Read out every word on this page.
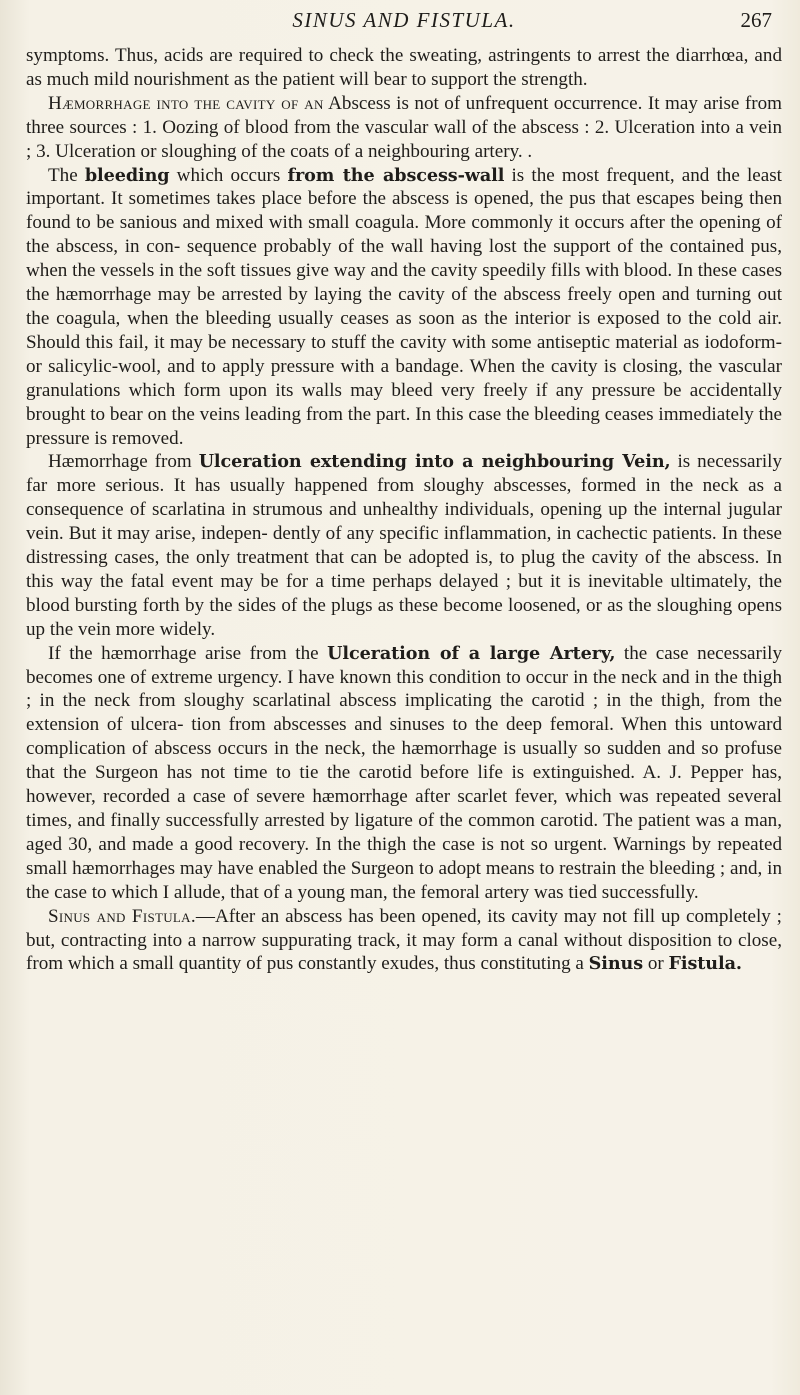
SINUS AND FISTULA.	267

symptoms. Thus, acids are required to check the sweating, astringents to arrest the diarrhœa, and as much mild nourishment as the patient will bear to support the strength.

Hæmorrhage into the cavity of an Abscess is not of unfrequent occurrence. It may arise from three sources : 1. Oozing of blood from the vascular wall of the abscess : 2. Ulceration into a vein ; 3. Ulceration or sloughing of the coats of a neighbouring artery. .

The bleeding which occurs from the abscess-wall is the most frequent, and the least important. It sometimes takes place before the abscess is opened, the pus that escapes being then found to be sanious and mixed with small coagula. More commonly it occurs after the opening of the abscess, in con- sequence probably of the wall having lost the support of the contained pus, when the vessels in the soft tissues give way and the cavity speedily fills with blood. In these cases the hæmorrhage may be arrested by laying the cavity of the abscess freely open and turning out the coagula, when the bleeding usually ceases as soon as the interior is exposed to the cold air. Should this fail, it may be necessary to stuff the cavity with some antiseptic material as iodoform- or salicylic-wool, and to apply pressure with a bandage. When the cavity is closing, the vascular granulations which form upon its walls may bleed very freely if any pressure be accidentally brought to bear on the veins leading from the part. In this case the bleeding ceases immediately the pressure is removed.

Hæmorrhage from Ulceration extending into a neighbouring Vein, is necessarily far more serious. It has usually happened from sloughy abscesses, formed in the neck as a consequence of scarlatina in strumous and unhealthy individuals, opening up the internal jugular vein. But it may arise, indepen- dently of any specific inflammation, in cachectic patients. In these distressing cases, the only treatment that can be adopted is, to plug the cavity of the abscess. In this way the fatal event may be for a time perhaps delayed ; but it is inevitable ultimately, the blood bursting forth by the sides of the plugs as these become loosened, or as the sloughing opens up the vein more widely.

If the hæmorrhage arise from the Ulceration of a large Artery, the case necessarily becomes one of extreme urgency. I have known this condition to occur in the neck and in the thigh ; in the neck from sloughy scarlatinal abscess implicating the carotid ; in the thigh, from the extension of ulcera- tion from abscesses and sinuses to the deep femoral. When this untoward complication of abscess occurs in the neck, the hæmorrhage is usually so sudden and so profuse that the Surgeon has not time to tie the carotid before life is extinguished. A. J. Pepper has, however, recorded a case of severe hæmorrhage after scarlet fever, which was repeated several times, and finally successfully arrested by ligature of the common carotid. The patient was a man, aged 30, and made a good recovery. In the thigh the case is not so urgent. Warnings by repeated small hæmorrhages may have enabled the Surgeon to adopt means to restrain the bleeding ; and, in the case to which I allude, that of a young man, the femoral artery was tied successfully.

Sinus and Fistula.—After an abscess has been opened, its cavity may not fill up completely ; but, contracting into a narrow suppurating track, it may form a canal without disposition to close, from which a small quantity of pus constantly exudes, thus constituting a Sinus or Fistula.
